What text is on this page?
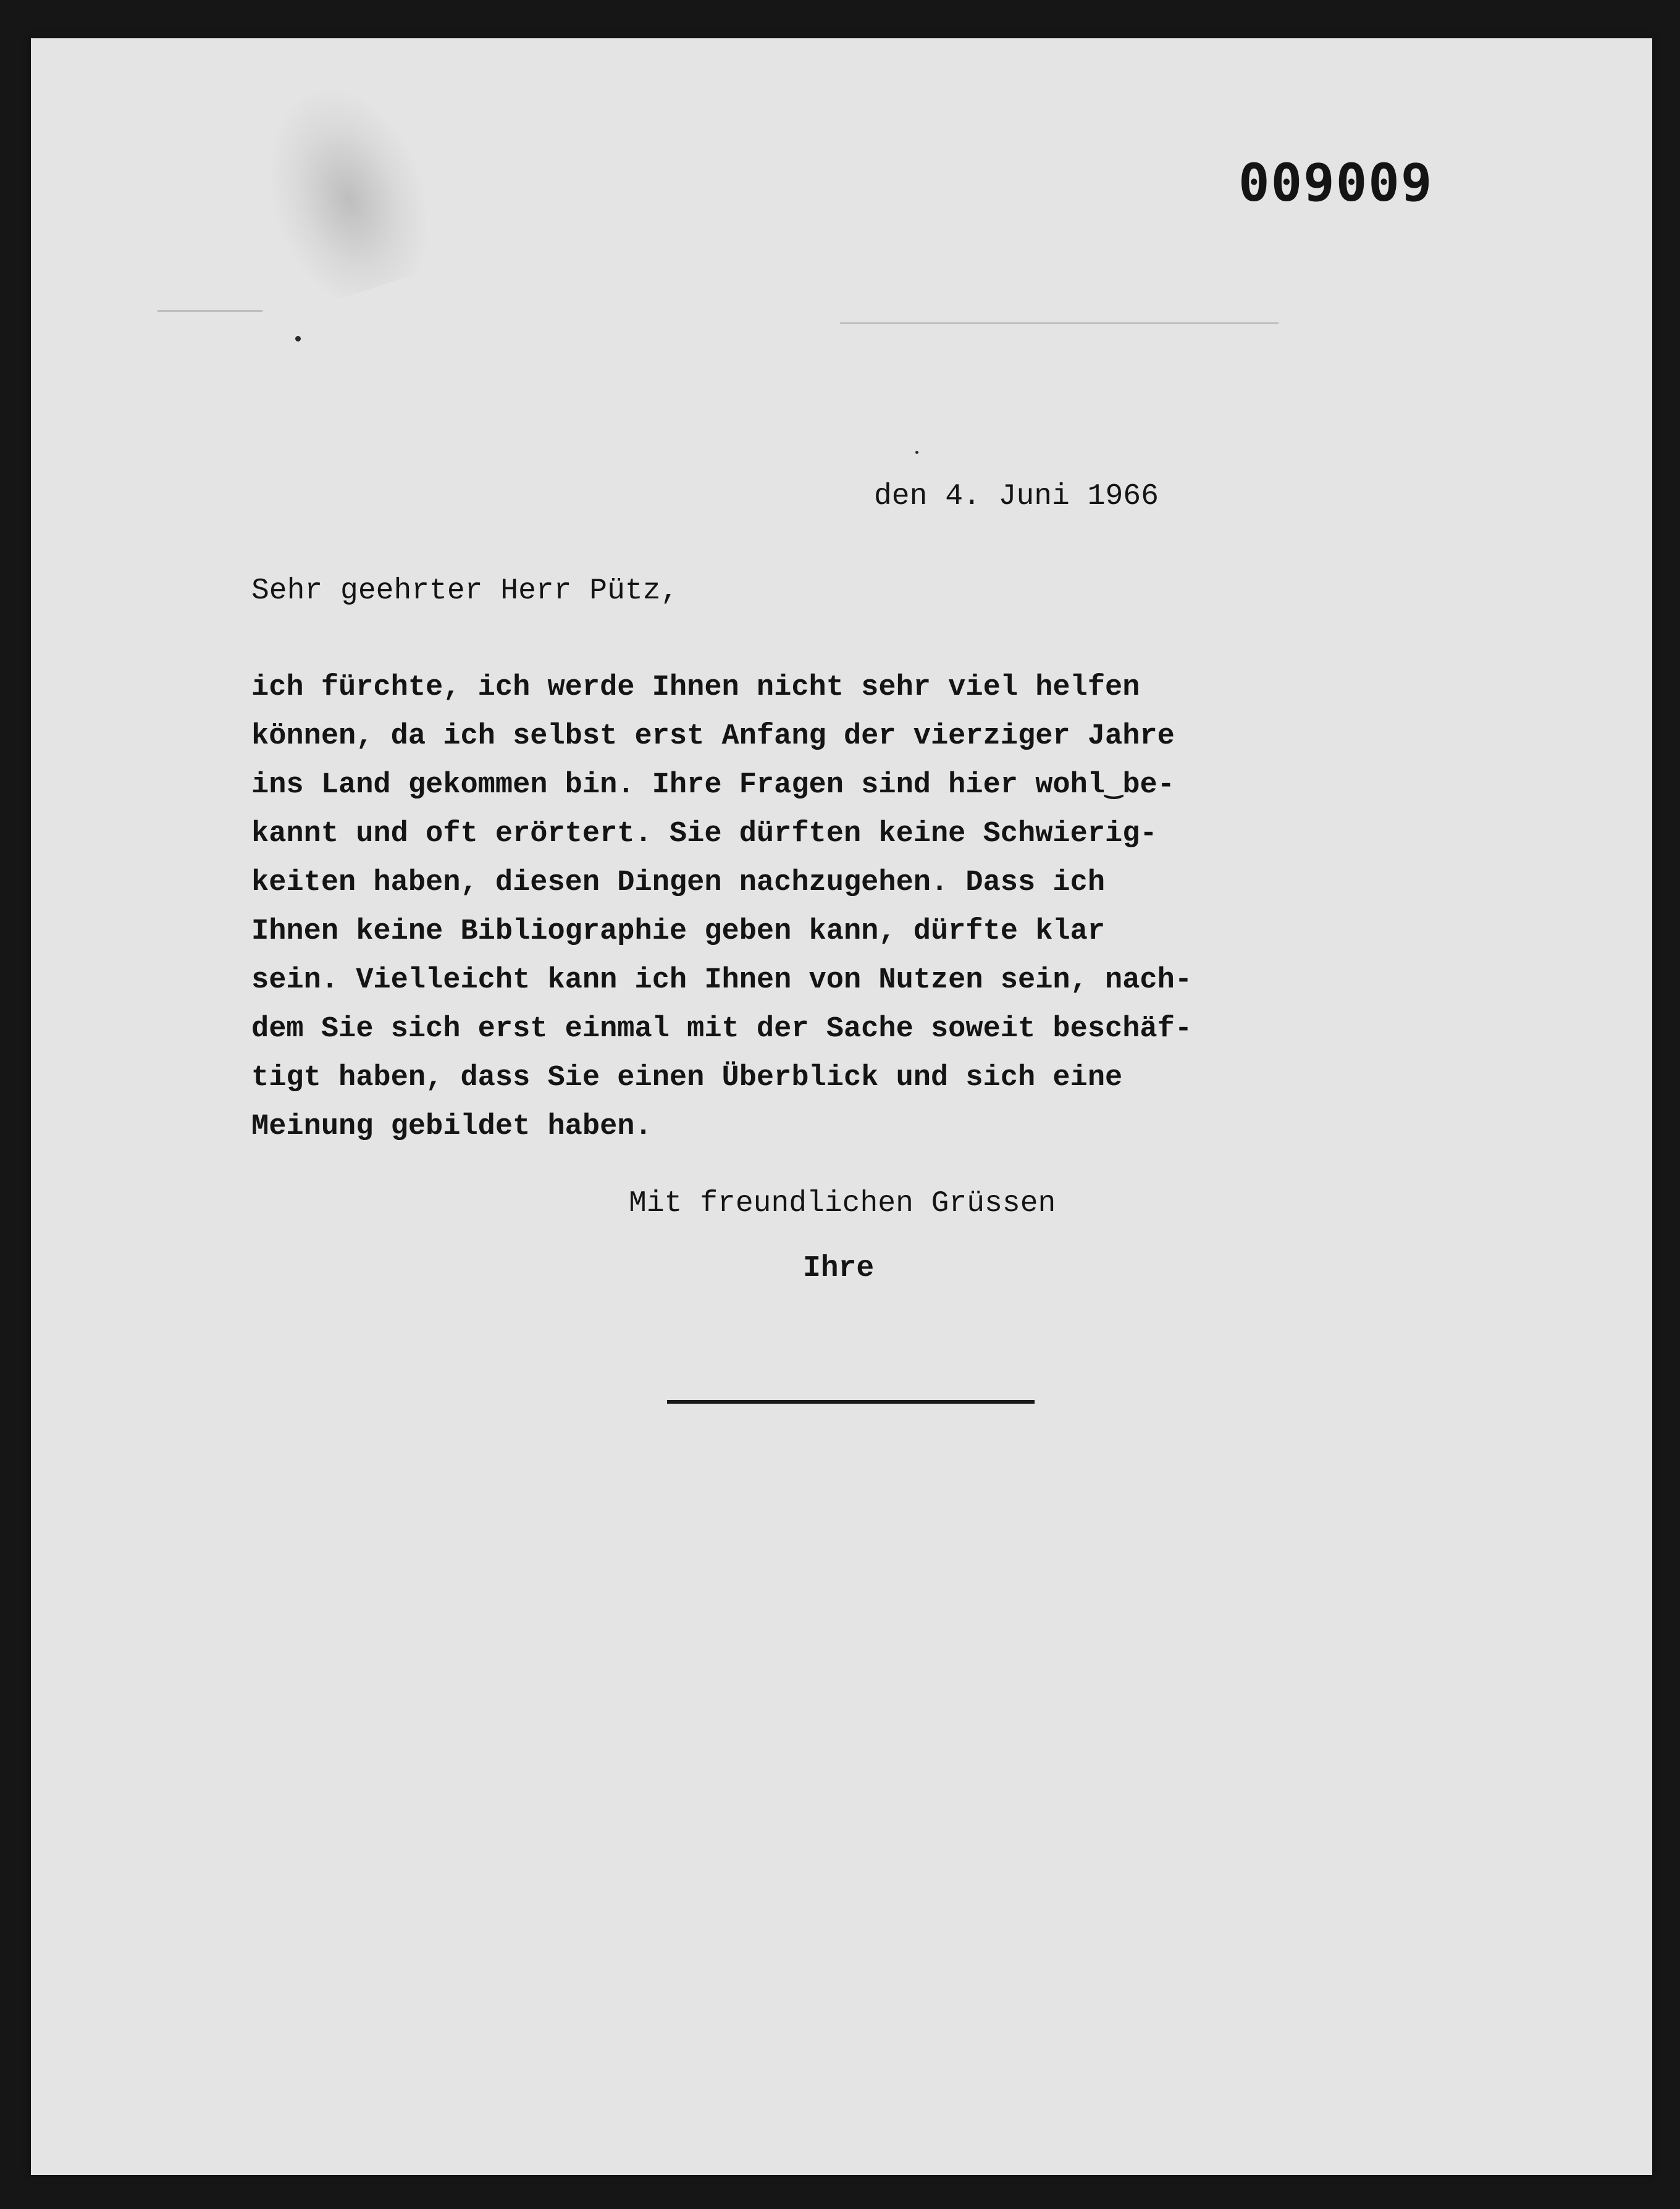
009009
den 4. Juni 1966
Sehr geehrter Herr Pütz,
ich fürchte, ich werde Ihnen nicht sehr viel helfen
können, da ich selbst erst Anfang der vierziger Jahre
ins Land gekommen bin. Ihre Fragen sind hier wohl‿be-
kannt und oft erörtert. Sie dürften keine Schwierig-
keiten haben, diesen Dingen nachzugehen. Dass ich
Ihnen keine Bibliographie geben kann, dürfte klar
sein. Vielleicht kann ich Ihnen von Nutzen sein, nach-
dem Sie sich erst einmal mit der Sache soweit beschäf-
tigt haben, dass Sie einen Überblick und sich eine
Meinung gebildet haben.
Mit freundlichen Grüssen
Ihre
